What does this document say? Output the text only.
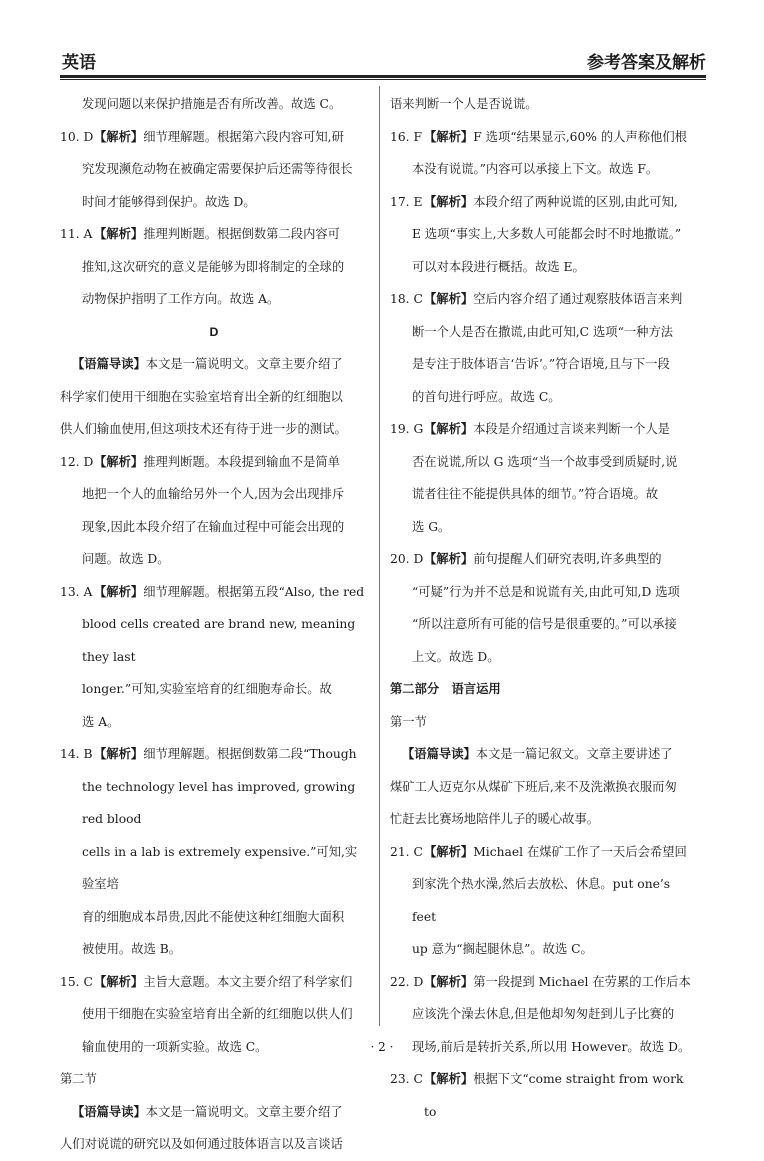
英语	参考答案及解析
发现问题以来保护措施是否有所改善。故选 C。
10. D 【解析】细节理解题。根据第六段内容可知,研
究发现濒危动物在被确定需要保护后还需等待很长
时间才能够得到保护。故选 D。
11. A 【解析】推理判断题。根据倒数第二段内容可
推知,这次研究的意义是能够为即将制定的全球的
动物保护指明了工作方向。故选 A。
D
【语篇导读】本文是一篇说明文。文章主要介绍了
科学家们使用干细胞在实验室培育出全新的红细胞以
供人们输血使用,但这项技术还有待于进一步的测试。
12. D 【解析】推理判断题。本段提到输血不是简单
地把一个人的血输给另外一个人,因为会出现排斥
现象,因此本段介绍了在输血过程中可能会出现的
问题。故选 D。
13. A 【解析】细节理解题。根据第五段“Also, the red
blood cells created are brand new, meaning they last
longer.”可知,实验室培育的红细胞寿命长。故
选 A。
14. B 【解析】细节理解题。根据倒数第二段“Though
the technology level has improved, growing red blood
cells in a lab is extremely expensive.”可知,实验室培
育的细胞成本昂贵,因此不能使这种红细胞大面积
被使用。故选 B。
15. C 【解析】主旨大意题。本文主要介绍了科学家们
使用干细胞在实验室培育出全新的红细胞以供人们
输血使用的一项新实验。故选 C。
第二节
【语篇导读】本文是一篇说明文。文章主要介绍了
人们对说谎的研究以及如何通过肢体语言以及言谈话
语来判断一个人是否说谎。
16. F 【解析】F 选项“结果显示,60% 的人声称他们根
本没有说谎。”内容可以承接上下文。故选 F。
17. E 【解析】本段介绍了两种说谎的区别,由此可知,
E 选项“事实上,大多数人可能都会时不时地撒谎。”
可以对本段进行概括。故选 E。
18. C 【解析】空后内容介绍了通过观察肢体语言来判
断一个人是否在撒谎,由此可知,C 选项“一种方法
是专注于肢体语言‘告诉’。”符合语境,且与下一段
的首句进行呼应。故选 C。
19. G 【解析】本段是介绍通过言谈来判断一个人是
否在说谎,所以 G 选项“当一个故事受到质疑时,说
谎者往往不能提供具体的细节。”符合语境。故
选 G。
20. D 【解析】前句提醒人们研究表明,许多典型的
“可疑”行为并不总是和说谎有关,由此可知,D 选项
“所以注意所有可能的信号是很重要的。”可以承接
上文。故选 D。
第二部分　语言运用
第一节
【语篇导读】本文是一篇记叙文。文章主要讲述了
煤矿工人迈克尔从煤矿下班后,来不及洗漱换衣服而匆
忙赶去比赛场地陪伴儿子的暖心故事。
21. C 【解析】Michael 在煤矿工作了一天后会希望回
到家洗个热水澡,然后去放松、休息。put one’s feet
up 意为“搁起腿休息”。故选 C。
22. D 【解析】第一段提到 Michael 在劳累的工作后本
应该洗个澡去休息,但是他却匆匆赶到儿子比赛的
现场,前后是转折关系,所以用 However。故选 D。
23. C 【解析】根据下文“come straight from work to
· 2 ·
